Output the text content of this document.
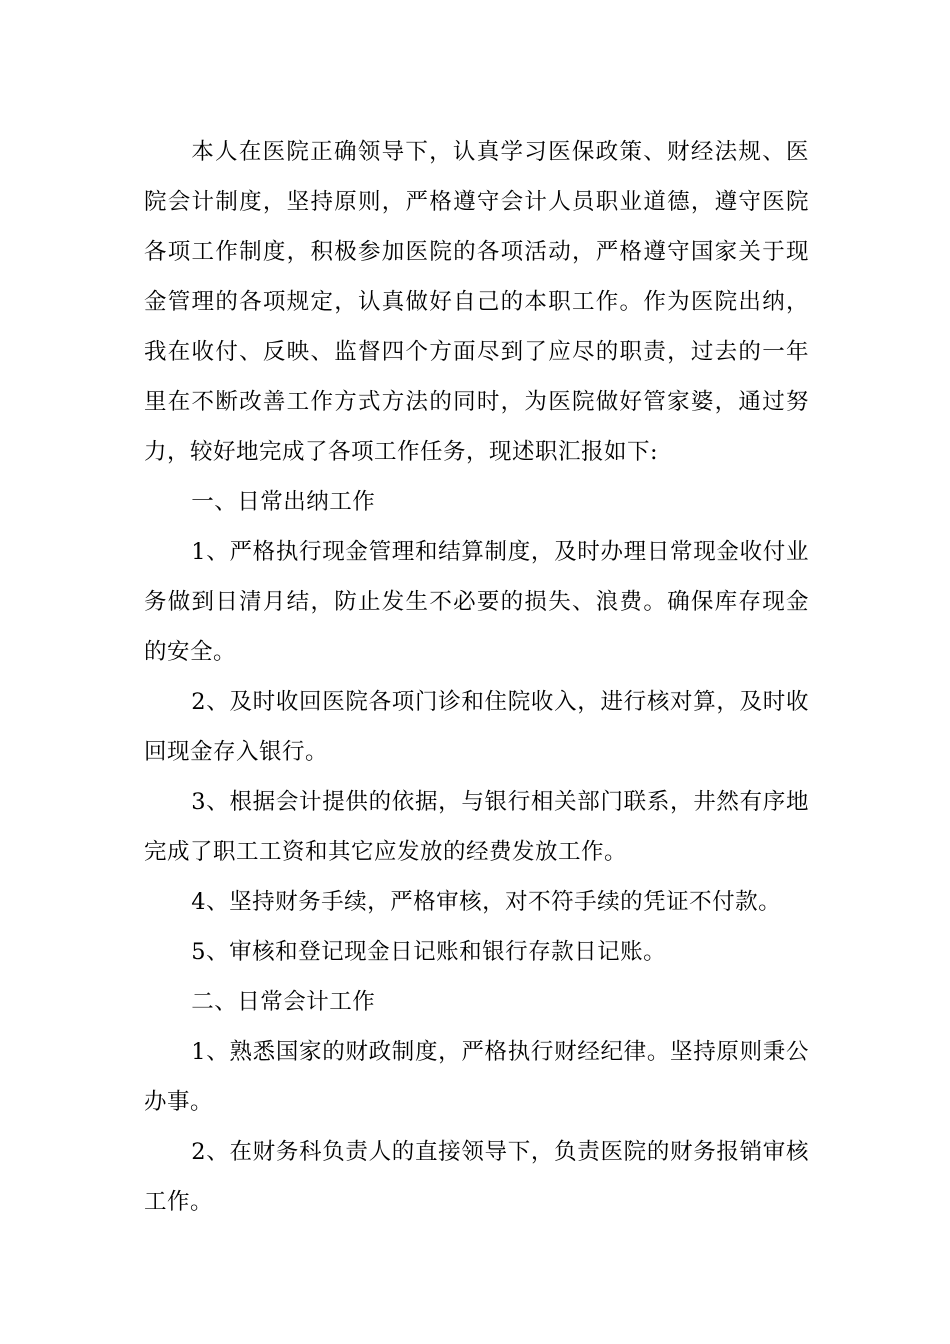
本人在医院正确领导下，认真学习医保政策、财经法规、医院会计制度，坚持原则，严格遵守会计人员职业道德，遵守医院各项工作制度，积极参加医院的各项活动，严格遵守国家关于现金管理的各项规定，认真做好自己的本职工作。作为医院出纳，我在收付、反映、监督四个方面尽到了应尽的职责，过去的一年里在不断改善工作方式方法的同时，为医院做好管家婆，通过努力，较好地完成了各项工作任务，现述职汇报如下:

一、日常出纳工作

1、严格执行现金管理和结算制度，及时办理日常现金收付业务做到日清月结，防止发生不必要的损失、浪费。确保库存现金的安全。

2、及时收回医院各项门诊和住院收入，进行核对算，及时收回现金存入银行。

3、根据会计提供的依据，与银行相关部门联系，井然有序地完成了职工工资和其它应发放的经费发放工作。

4、坚持财务手续，严格审核，对不符手续的凭证不付款。

5、审核和登记现金日记账和银行存款日记账。

二、日常会计工作

1、熟悉国家的财政制度，严格执行财经纪律。坚持原则秉公办事。

2、在财务科负责人的直接领导下，负责医院的财务报销审核工作。
